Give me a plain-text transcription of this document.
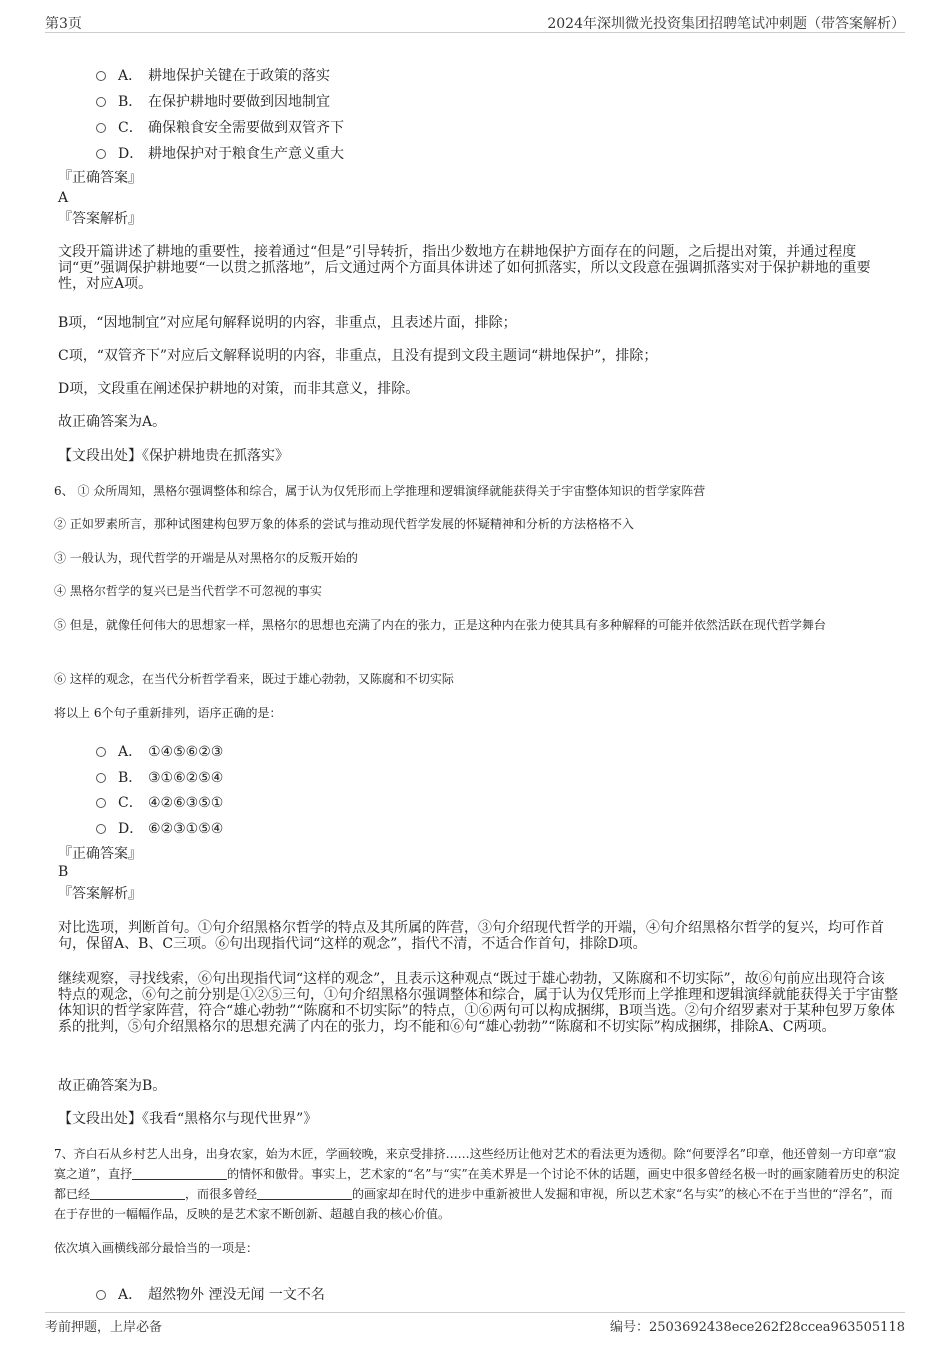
第3页	2024年深圳微光投资集团招聘笔试冲刺题（带答案解析）
A． 耕地保护关键在于政策的落实
B． 在保护耕地时要做到因地制宜
C． 确保粮食安全需要做到双管齐下
D． 耕地保护对于粮食生产意义重大
『正确答案』
A
『答案解析』
文段开篇讲述了耕地的重要性，接着通过“但是”引导转折，指出少数地方在耕地保护方面存在的问题，之后提出对策，并通过程度词“更”强调保护耕地要“一以贯之抓落地”，后文通过两个方面具体讲述了如何抓落实，所以文段意在强调抓落实对于保护耕地的重要性，对应A项。
B项，“因地制宜”对应尾句解释说明的内容，非重点，且表述片面，排除；
C项，“双管齐下”对应后文解释说明的内容，非重点，且没有提到文段主题词“耕地保护”，排除；
D项，文段重在阐述保护耕地的对策，而非其意义，排除。
故正确答案为A。
【文段出处】《保护耕地贵在抓落实》
6、 ① 众所周知，黑格尔强调整体和综合，属于认为仅凭形而上学推理和逻辑演绎就能获得关于宇宙整体知识的哲学家阵营
② 正如罗素所言，那种试图建构包罗万象的体系的尝试与推动现代哲学发展的怀疑精神和分析的方法格格不入
③ 一般认为，现代哲学的开端是从对黑格尔的反叛开始的
④ 黑格尔哲学的复兴已是当代哲学不可忽视的事实
⑤ 但是，就像任何伟大的思想家一样，黑格尔的思想也充满了内在的张力，正是这种内在张力使其具有多种解释的可能并依然活跃在现代哲学舞台
⑥ 这样的观念，在当代分析哲学看来，既过于雄心勃勃，又陈腐和不切实际
将以上 6个句子重新排列，语序正确的是：
A． ①④⑤⑥②③
B． ③①⑥②⑤④
C． ④②⑥③⑤①
D． ⑥②③①⑤④
『正确答案』
B
『答案解析』
对比选项，判断首句。①句介绍黑格尔哲学的特点及其所属的阵营，③句介绍现代哲学的开端，④句介绍黑格尔哲学的复兴，均可作首句，保留A、B、C三项。⑥句出现指代词“这样的观念”，指代不清，不适合作首句，排除D项。
继续观察，寻找线索，⑥句出现指代词“这样的观念”，且表示这种观点“既过于雄心勃勃，又陈腐和不切实际”，故⑥句前应出现符合该特点的观念，⑥句之前分别是①②⑤三句，①句介绍黑格尔强调整体和综合，属于认为仅凭形而上学推理和逻辑演绎就能获得关于宇宙整体知识的哲学家阵营，符合“雄心勃勃”“陈腐和不切实际”的特点，①⑥两句可以构成捆绑，B项当选。②句介绍罗素对于某种包罗万象体系的批判，⑤句介绍黑格尔的思想充满了内在的张力，均不能和⑥句“雄心勃勃”“陈腐和不切实际”构成捆绑，排除A、C两项。
故正确答案为B。
【文段出处】《我看“黑格尔与现代世界”》
7、齐白石从乡村艺人出身，出身农家，始为木匠，学画较晚，来京受排挤……这些经历让他对艺术的看法更为透彻。除“何要浮名”印章，他还曾刻一方印章“寂寞之道”，直抒	的情怀和傲骨。事实上，艺术家的“名”与“实”在美术界是一个讨论不休的话题，画史中很多曾经名极一时的画家随着历史的积淀都已经	，而很多曾经	的画家却在时代的进步中重新被世人发掘和审视，所以艺术家“名与实”的核心不在于当世的“浮名”，而在于存世的一幅幅作品，反映的是艺术家不断创新、超越自我的核心价值。
依次填入画横线部分最恰当的一项是：
A． 超然物外 湮没无闻 一文不名
考前押题，上岸必备	编号：2503692438ece262f28ccea963505118
